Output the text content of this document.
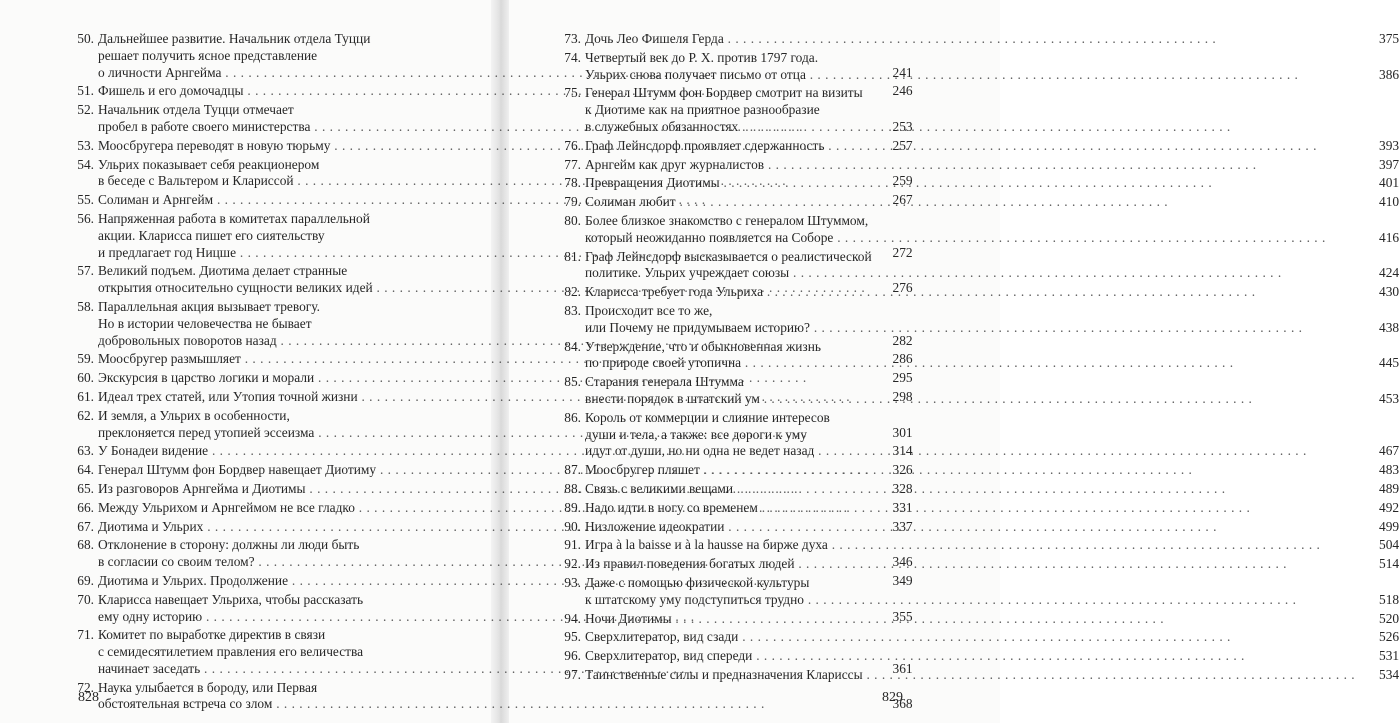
50. Дальнейшее развитие. Начальник отдела Туцци
решает получить ясное представление
о личности Арнгейма . . .	241
51. Фишель и его домочадцы . . .	246
52. Начальник отдела Туцци отмечает
пробел в работе своего министерства . . .	253
53. Моосбругера переводят в новую тюрьму . . .	257
54. Ульрих показывает себя реакционером
в беседе с Вальтером и Клариссой . . .	259
55. Солиман и Арнгейм . . .	267
56. Напряженная работа в комитетах параллельной
акции. Кларисса пишет его сиятельству
и предлагает год Ницше . . .	272
57. Великий подъем. Диотима делает странные
открытия относительно сущности великих идей . . .	276
58. Параллельная акция вызывает тревогу.
Но в истории человечества не бывает
добровольных поворотов назад . . .	282
59. Моосбругер размышляет . . .	286
60. Экскурсия в царство логики и морали . . .	295
61. Идеал трех статей, или Утопия точной жизни . . .	298
62. И земля, а Ульрих в особенности,
преклоняется перед утопией эссеизма . . .	301
63. У Бонадеи видение . . .	314
64. Генерал Штумм фон Бордвер навещает Диотиму . . .	326
65. Из разговоров Арнгейма и Диотимы . . .	328
66. Между Ульрихом и Арнгеймом не все гладко . . .	331
67. Диотима и Ульрих . . .	337
68. Отклонение в сторону: должны ли люди быть
в согласии со своим телом? . . .	346
69. Диотима и Ульрих. Продолжение . . .	349
70. Кларисса навещает Ульриха, чтобы рассказать
ему одну историю . . .	355
71. Комитет по выработке директив в связи
с семидесятилетием правления его величества
начинает заседать . . .	361
72. Наука улыбается в бороду, или Первая
обстоятельная встреча со злом . . .	368
73. Дочь Лео Фишеля Герда . . .	375
74. Четвертый век до Р. Х. против 1797 года.
Ульрих снова получает письмо от отца . . .	386
75. Генерал Штумм фон Бордвер смотрит на визиты
к Диотиме как на приятное разнообразие
в служебных обязанностях . . .
76. Граф Лейнсдорф проявляет сдержанность . . .	393
77. Арнгейм как друг журналистов . . .	397
78. Превращения Диотимы . . .	401
79. Солиман любит . . .	410
80. Более близкое знакомство с генералом Штуммом,
который неожиданно появляется на Соборе . . .	416
81. Граф Лейнсдорф высказывается о реалистической
политике. Ульрих учреждает союзы . . .	424
82. Кларисса требует года Ульриха . . .	430
83. Происходит все то же,
или Почему не придумываем историю? . . .	438
84. Утверждение, что и обыкновенная жизнь
по природе своей утопична . . .	445
85. Старания генерала Штумма
внести порядок в штатский ум . . .	453
86. Король от коммерции и слияние интересов
души и тела, а также: все дороги к уму
идут от души, но ни одна не ведет назад . . .	467
87. Моосбругер пляшет . . .	483
88. Связь с великими вещами . . .	489
89. Надо идти в ногу со временем . . .	492
90. Низложение идеократии . . .	499
91. Игра à la baisse и à la hausse на бирже духа . . .	504
92. Из правил поведения богатых людей . . .	514
93. Даже с помощью физической культуры
к штатскому уму подступиться трудно . . .	518
94. Ночи Диотимы . . .	520
95. Сверхлитератор, вид сзади . . .	526
96. Сверхлитератор, вид спереди . . .	531
97. Таинственные силы и предназначения Клариссы . . .	534
828	829
